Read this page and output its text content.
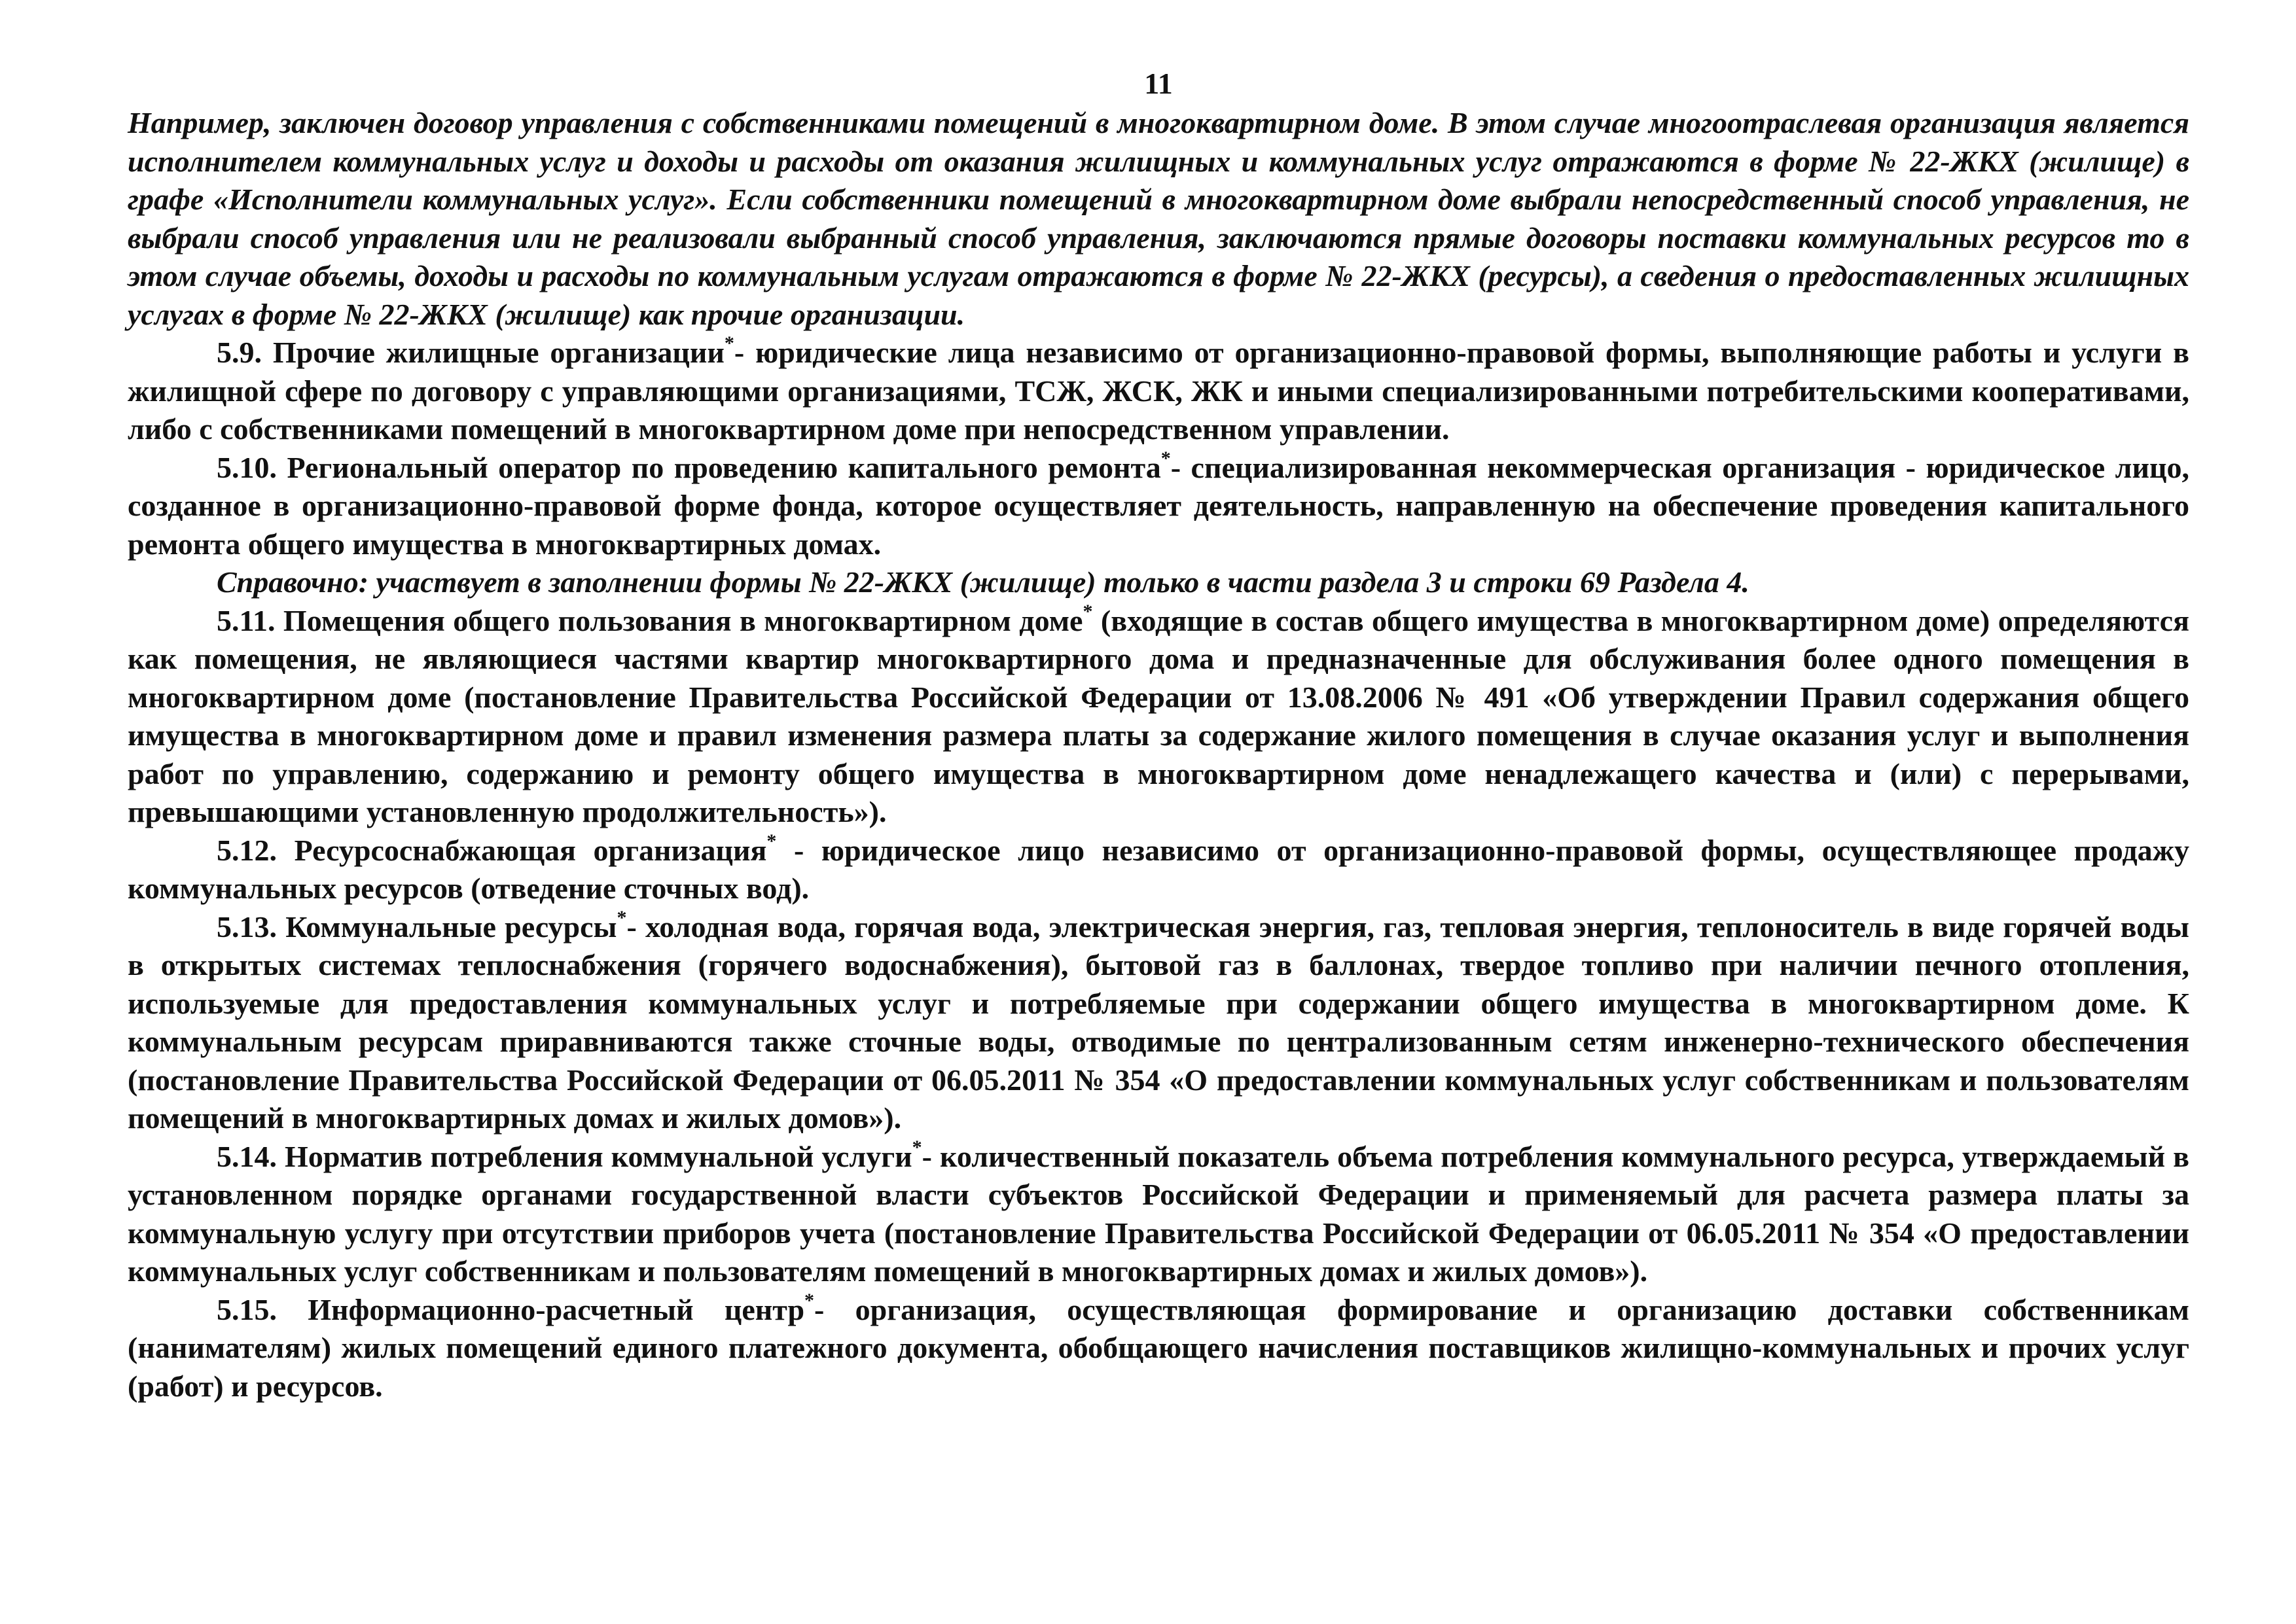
11

Например, заключен договор управления с собственниками помещений в многоквартирном доме. В этом случае многоотраслевая организация является исполнителем коммунальных услуг и доходы и расходы от оказания жилищных и коммунальных услуг отражаются в форме № 22-ЖКХ (жилище) в графе «Исполнители коммунальных услуг». Если собственники помещений в многоквартирном доме выбрали непосредственный способ управления, не выбрали способ управления или не реализовали выбранный способ управления, заключаются прямые договоры поставки коммунальных ресурсов то в этом случае объемы, доходы и расходы по коммунальным услугам отражаются в форме № 22-ЖКХ (ресурсы), а сведения о предоставленных жилищных услугах в форме № 22-ЖКХ (жилище) как прочие организации.

5.9. Прочие жилищные организации*- юридические лица независимо от организационно-правовой формы, выполняющие работы и услуги в жилищной сфере по договору с управляющими организациями, ТСЖ, ЖСК, ЖК и иными специализированными потребительскими кооперативами, либо с собственниками помещений в многоквартирном доме при непосредственном управлении.

5.10. Региональный оператор по проведению капитального ремонта*- специализированная некоммерческая организация - юридическое лицо, созданное в организационно-правовой форме фонда, которое осуществляет деятельность, направленную на обеспечение проведения капитального ремонта общего имущества в многоквартирных домах.

Справочно: участвует в заполнении формы № 22-ЖКХ (жилище) только в части раздела 3 и строки 69 Раздела 4.

5.11. Помещения общего пользования в многоквартирном доме* (входящие в состав общего имущества в многоквартирном доме) определяются как помещения, не являющиеся частями квартир многоквартирного дома и предназначенные для обслуживания более одного помещения в многоквартирном доме (постановление Правительства Российской Федерации от 13.08.2006 № 491 «Об утверждении Правил содержания общего имущества в многоквартирном доме и правил изменения размера платы за содержание жилого помещения в случае оказания услуг и выполнения работ по управлению, содержанию и ремонту общего имущества в многоквартирном доме ненадлежащего качества и (или) с перерывами, превышающими установленную продолжительность»).

5.12. Ресурсоснабжающая организация* - юридическое лицо независимо от организационно-правовой формы, осуществляющее продажу коммунальных ресурсов (отведение сточных вод).

5.13. Коммунальные ресурсы*- холодная вода, горячая вода, электрическая энергия, газ, тепловая энергия, теплоноситель в виде горячей воды в открытых системах теплоснабжения (горячего водоснабжения), бытовой газ в баллонах, твердое топливо при наличии печного отопления, используемые для предоставления коммунальных услуг и потребляемые при содержании общего имущества в многоквартирном доме. К коммунальным ресурсам приравниваются также сточные воды, отводимые по централизованным сетям инженерно-технического обеспечения (постановление Правительства Российской Федерации от 06.05.2011 № 354 «О предоставлении коммунальных услуг собственникам и пользователям помещений в многоквартирных домах и жилых домов»).

5.14. Норматив потребления коммунальной услуги*- количественный показатель объема потребления коммунального ресурса, утверждаемый в установленном порядке органами государственной власти субъектов Российской Федерации и применяемый для расчета размера платы за коммунальную услугу при отсутствии приборов учета (постановление Правительства Российской Федерации от 06.05.2011 № 354 «О предоставлении коммунальных услуг собственникам и пользователям помещений в многоквартирных домах и жилых домов»).

5.15. Информационно-расчетный центр*- организация, осуществляющая формирование и организацию доставки собственникам (нанимателям) жилых помещений единого платежного документа, обобщающего начисления поставщиков жилищно-коммунальных и прочих услуг (работ) и ресурсов.
